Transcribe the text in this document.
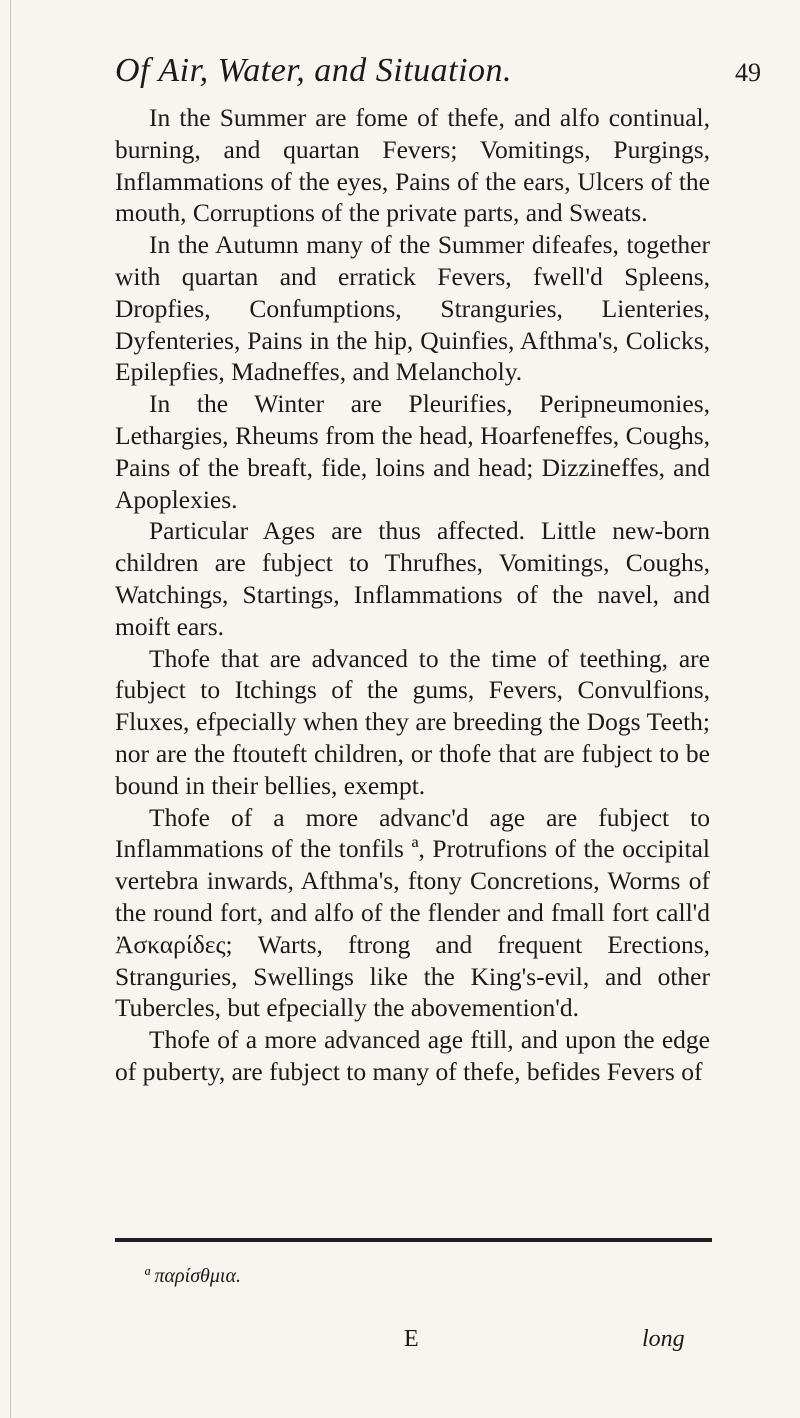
Of Air, Water, and Situation.	49

In the Summer are fome of thefe, and alfo continual, burning, and quartan Fevers; Vomitings, Purgings, Inflammations of the eyes, Pains of the ears, Ulcers of the mouth, Corruptions of the private parts, and Sweats.

In the Autumn many of the Summer difeafes, together with quartan and erratick Fevers, fwell'd Spleens, Dropfies, Confumptions, Stranguries, Lienteries, Dyfenteries, Pains in the hip, Quinfies, Afthma's, Colicks, Epilepfies, Madneffes, and Melancholy.

In the Winter are Pleurifies, Peripneumonies, Lethargies, Rheums from the head, Hoarfeneffes, Coughs, Pains of the breaft, fide, loins and head; Dizzineffes, and Apoplexies.

Particular Ages are thus affected. Little new-born children are fubject to Thrufhes, Vomitings, Coughs, Watchings, Startings, Inflammations of the navel, and moift ears.

Thofe that are advanced to the time of teething, are fubject to Itchings of the gums, Fevers, Convulfions, Fluxes, efpecially when they are breeding the Dogs Teeth; nor are the ftouteft children, or thofe that are fubject to be bound in their bellies, exempt.

Thofe of a more advanc'd age are fubject to Inflammations of the tonfils ª, Protrufions of the occipital vertebra inwards, Afthma's, ftony Concretions, Worms of the round fort, and alfo of the flender and fmall fort call'd Ἀσκαρίδες; Warts, ftrong and frequent Erections, Stranguries, Swellings like the King's-evil, and other Tubercles, but efpecially the abovemention'd.

Thofe of a more advanced age ftill, and upon the edge of puberty, are fubject to many of thefe, befides Fevers of

ª παρίσθμια.
E	long
